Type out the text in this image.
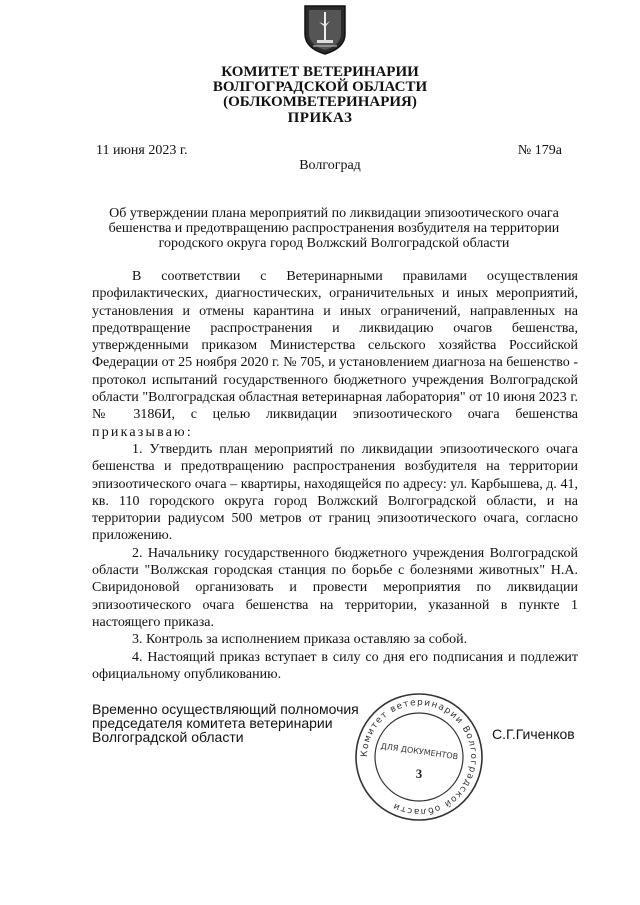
КОМИТЕТ ВЕТЕРИНАРИИ
ВОЛГОГРАДСКОЙ ОБЛАСТИ
(ОБЛКОМВЕТЕРИНАРИЯ)
ПРИКАЗ
11 июня 2023 г.	№ 179а
Волгоград
Об утверждении плана мероприятий по ликвидации эпизоотического очага бешенства и предотвращению распространения возбудителя на территории городского округа город Волжский Волгоградской области

В соответствии с Ветеринарными правилами осуществления профилактических, диагностических, ограничительных и иных мероприятий, установления и отмены карантина и иных ограничений, направленных на предотвращение распространения и ликвидацию очагов бешенства, утвержденными приказом Министерства сельского хозяйства Российской Федерации от 25 ноября 2020 г. № 705, и установлением диагноза на бешенство - протокол испытаний государственного бюджетного учреждения Волгоградской области "Волгоградская областная ветеринарная лаборатория" от 10 июня 2023 г. № 3186И, с целью ликвидации эпизоотического очага бешенства приказываю:

1. Утвердить план мероприятий по ликвидации эпизоотического очага бешенства и предотвращению распространения возбудителя на территории эпизоотического очага – квартиры, находящейся по адресу: ул. Карбышева, д. 41, кв. 110 городского округа город Волжский Волгоградской области, и на территории радиусом 500 метров от границ эпизоотического очага, согласно приложению.

2. Начальнику государственного бюджетного учреждения Волгоградской области "Волжская городская станция по борьбе с болезнями животных" Н.А. Свиридоновой организовать и провести мероприятия по ликвидации эпизоотического очага бешенства на территории, указанной в пункте 1 настоящего приказа.

3. Контроль за исполнением приказа оставляю за собой.

4. Настоящий приказ вступает в силу со дня его подписания и подлежит официальному опубликованию.

Временно осуществляющий полномочия
председателя комитета ветеринарии
Волгоградской области	С.Г.Гиченков
Комитет ветеринарии Волгоградской области
ДЛЯ ДОКУМЕНТОВ
3
